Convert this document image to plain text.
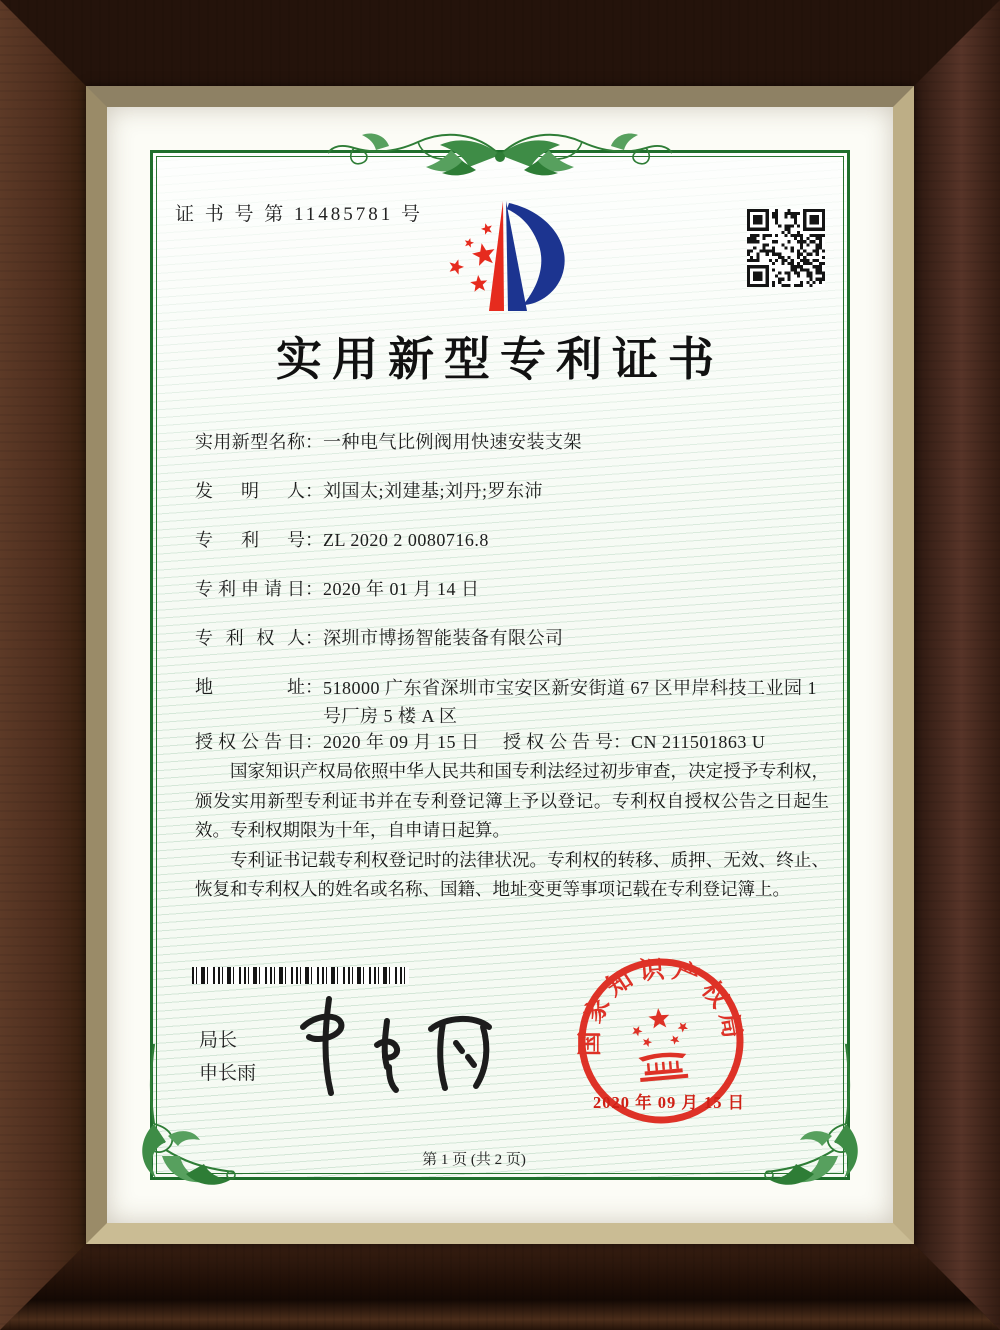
证 书 号 第 11485781 号
实用新型专利证书
实用新型名称：一种电气比例阀用快速安装支架
发明人：刘国太;刘建基;刘丹;罗东沛
专利号：ZL 2020 2 0080716.8
专利申请日：2020 年 01 月 14 日
专利权人：深圳市博扬智能装备有限公司
地址：518000 广东省深圳市宝安区新安街道 67 区甲岸科技工业园 1 号厂房 5 楼 A 区
授权公告日：2020 年 09 月 15 日 授权公告号：CN 211501863 U

国家知识产权局依照中华人民共和国专利法经过初步审查，决定授予专利权，颁发实用新型专利证书并在专利登记簿上予以登记。专利权自授权公告之日起生效。专利权期限为十年，自申请日起算。

专利证书记载专利权登记时的法律状况。专利权的转移、质押、无效、终止、恢复和专利权人的姓名或名称、国籍、地址变更等事项记载在专利登记簿上。

局长
申长雨
国家知识产权局
2020 年 09 月 15 日
第 1 页 (共 2 页)
